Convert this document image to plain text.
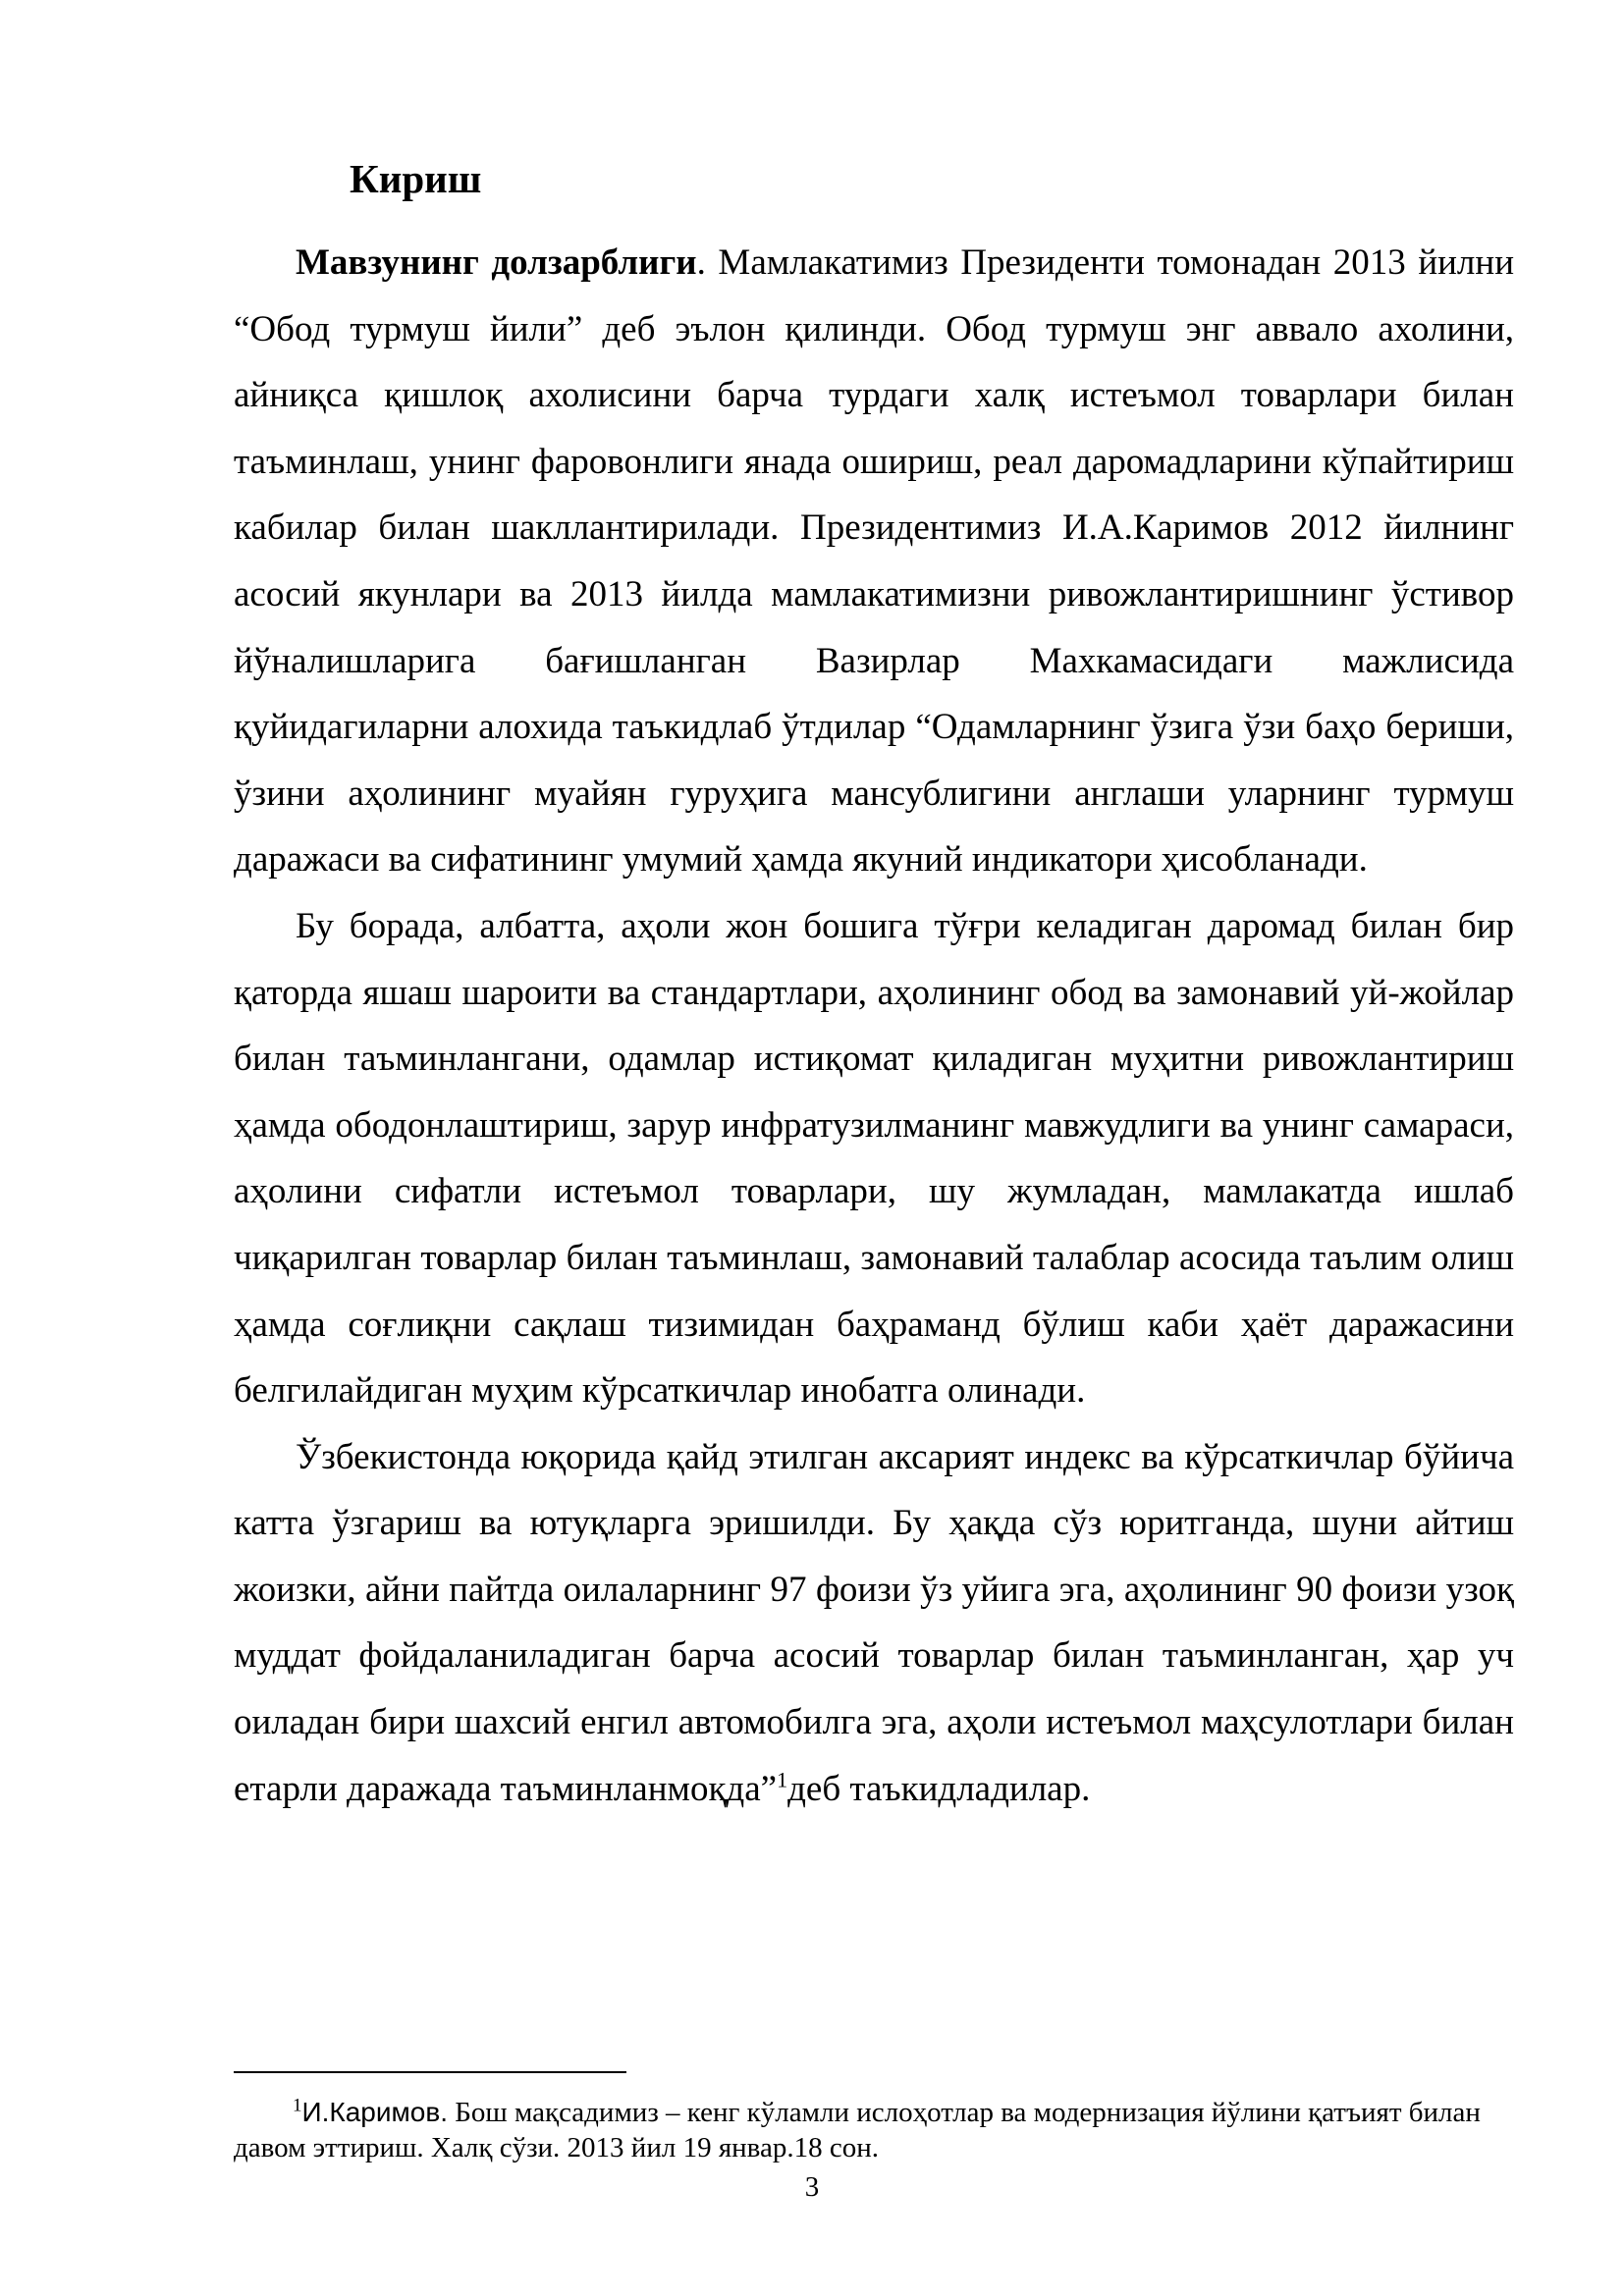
Кириш

Мавзунинг долзарблиги. Мамлакатимиз Президенти томонадан 2013 йилни “Обод турмуш йили” деб эълон қилинди. Обод турмуш энг аввало ахолини, айниқса қишлоқ ахолисини барча турдаги халқ истеъмол товарлари билан таъминлаш, унинг фаровонлиги янада ошириш, реал даромадларини кўпайтириш кабилар билан шакллантирилади. Президентимиз И.А.Каримов 2012 йилнинг асосий якунлари ва 2013 йилда мамлакатимизни ривожлантиришнинг ўстивор йўналишларига бағишланган Вазирлар Махкамасидаги мажлисида қуйидагиларни алохида таъкидлаб ўтдилар “Одамларнинг ўзига ўзи баҳо бериши, ўзини аҳолининг муайян гуруҳига мансублигини англаши уларнинг турмуш даражаси ва сифатининг умумий ҳамда якуний индикатори ҳисобланади.

Бу борада, албатта, аҳоли жон бошига тўғри келадиган даромад билан бир қаторда яшаш шароити ва стандартлари, аҳолининг обод ва замонавий уй-жойлар билан таъминлангани, одамлар истиқомат қиладиган муҳитни ривожлантириш ҳамда ободонлаштириш, зарур инфратузилманинг мавжудлиги ва унинг самараси, аҳолини сифатли истеъмол товарлари, шу жумладан, мамлакатда ишлаб чиқарилган товарлар билан таъминлаш, замонавий талаблар асосида таълим олиш ҳамда соғлиқни сақлаш тизимидан баҳраманд бўлиш каби ҳаёт даражасини белгилайдиган муҳим кўрсаткичлар инобатга олинади.

Ўзбекистонда юқорида қайд этилган аксарият индекс ва кўрсаткичлар бўйича катта ўзгариш ва ютуқларга эришилди. Бу ҳақда сўз юритганда, шуни айтиш жоизки, айни пайтда оилаларнинг 97 фоизи ўз уйига эга, аҳолининг 90 фоизи узоқ муддат фойдаланиладиган барча асосий товарлар билан таъминланган, ҳар уч оиладан бири шахсий енгил автомобилга эга, аҳоли истеъмол маҳсулотлари билан етарли даражада таъминланмоқда”$^1$деб таъкидладилар.

$^1$И.Каримов. Бош мақсадимиз – кенг кўламли ислоҳотлар ва модернизация йўлини қатъият билан давом эттириш. Халқ сўзи. 2013 йил 19 январ.18 сон.

3
